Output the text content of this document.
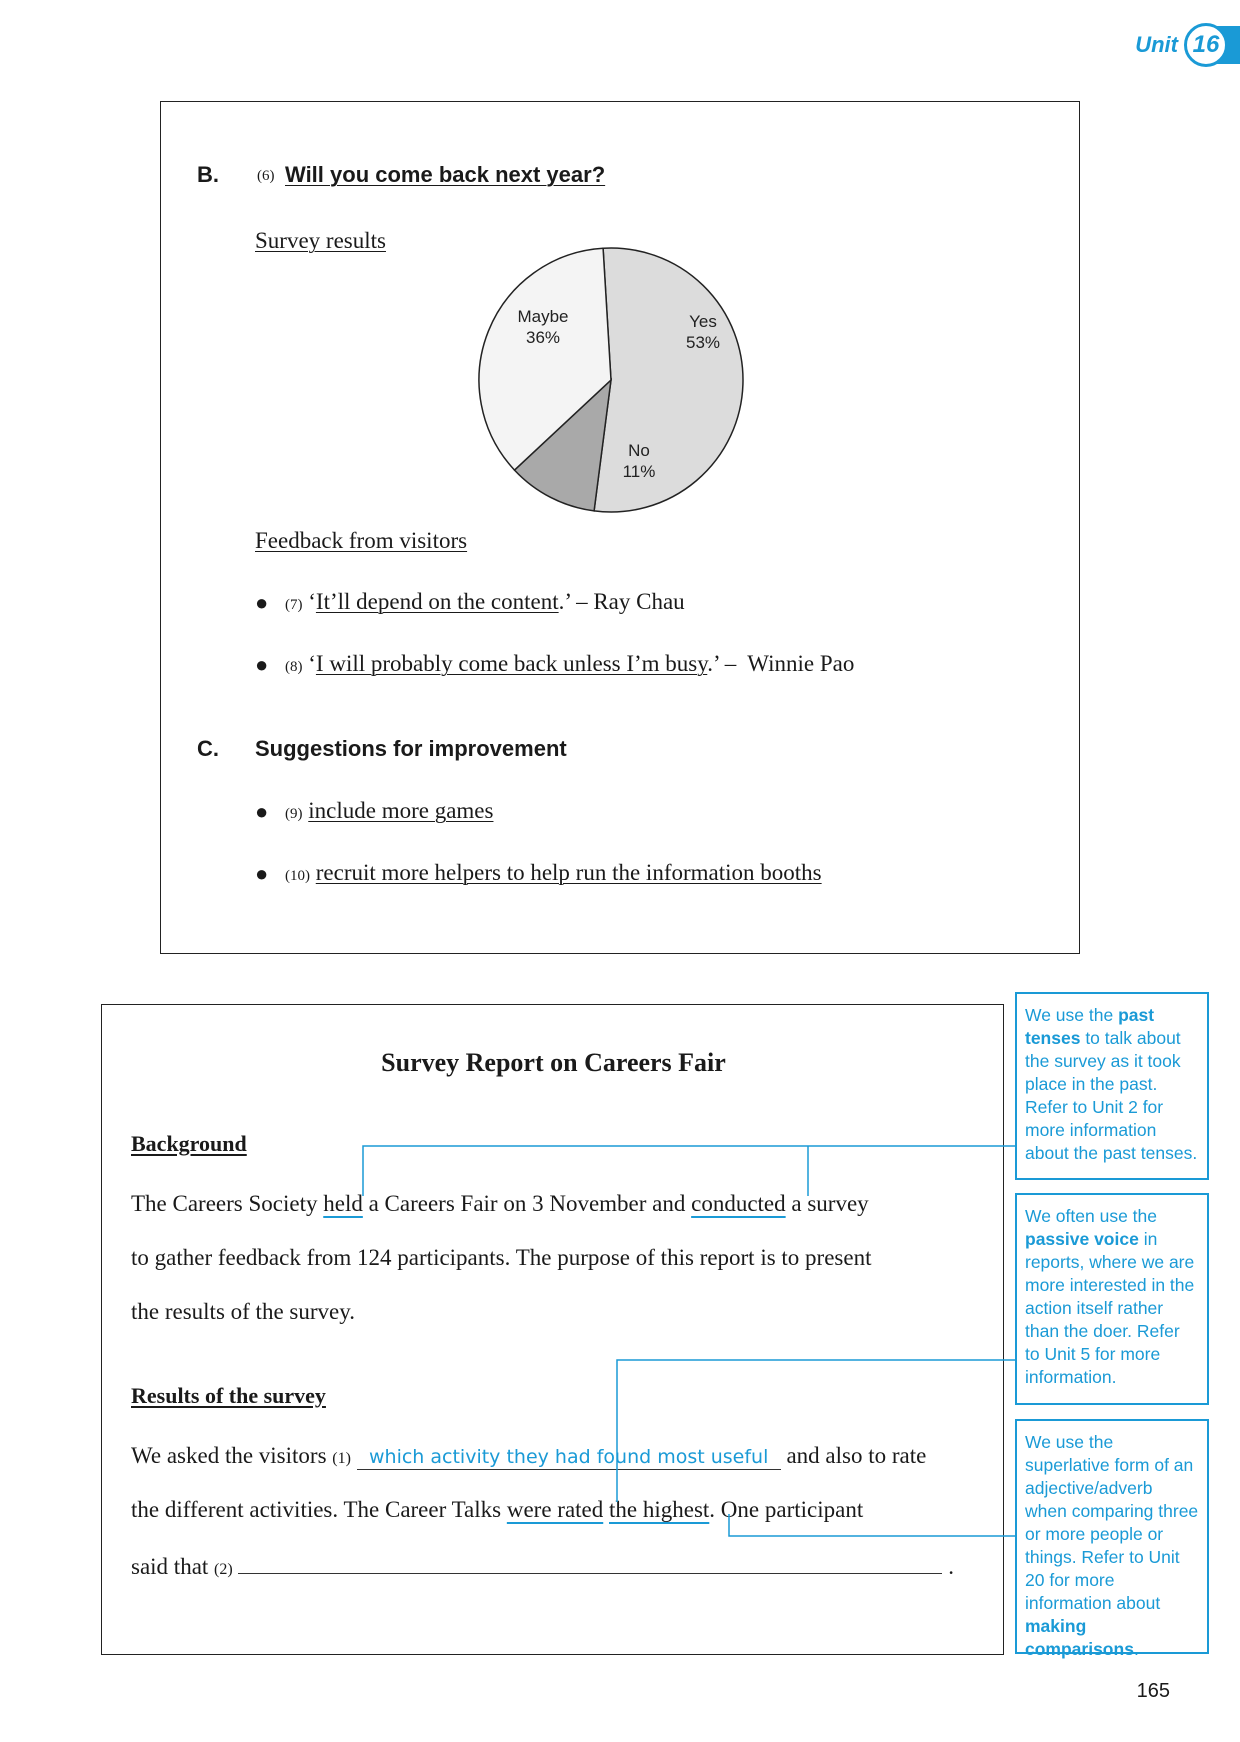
Unit 16
B.	(6) Will you come back next year?
Survey results
Yes
53%
No
11%
Maybe
36%
Feedback from visitors
● (7) ‘It’ll depend on the content.’ – Ray Chau
● (8) ‘I will probably come back unless I’m busy.’ –  Winnie Pao
C. Suggestions for improvement
● (9) include more games
● (10) recruit more helpers to help run the information booths
Survey Report on Careers Fair
Background
The Careers Society held a Careers Fair on 3 November and conducted a survey
to gather feedback from 124 participants. The purpose of this report is to present
the results of the survey.
Results of the survey
We asked the visitors (1) which activity they had found most useful and also to rate
the different activities. The Career Talks were rated the highest. One participant
said that (2)	.
We use the past tenses to talk about the survey as it took place in the past. Refer to Unit 2 for more information about the past tenses.
We often use the passive voice in reports, where we are more interested in the action itself rather than the doer. Refer to Unit 5 for more information.
We use the superlative form of an adjective/adverb when comparing three or more people or things. Refer to Unit 20 for more information about making comparisons.
165
